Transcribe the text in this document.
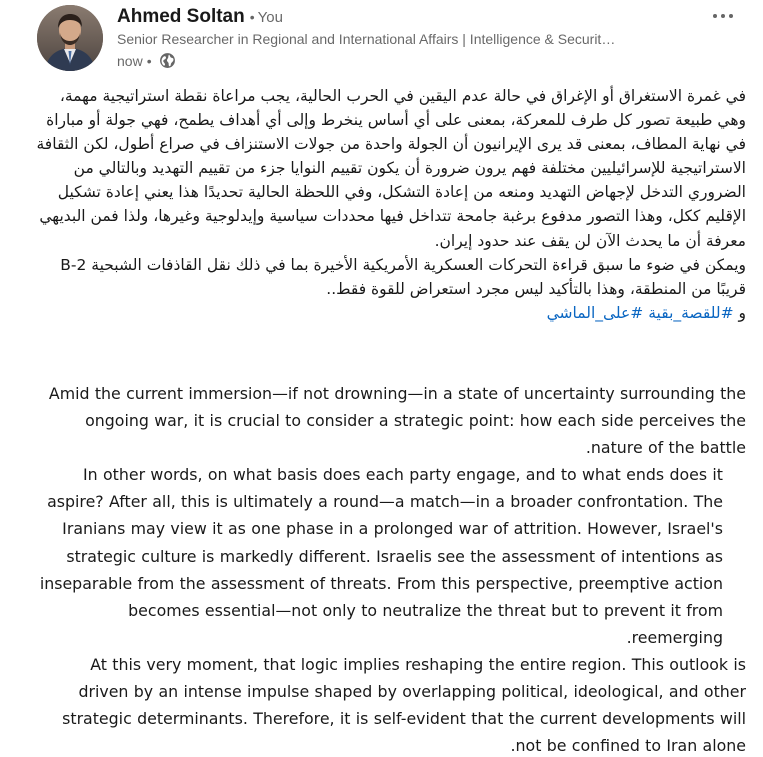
Ahmed Soltan • You
Senior Researcher in Regional and International Affairs | Intelligence & Securit…
now •

في غمرة الاستغراق أو الإغراق في حالة عدم اليقين في الحرب الحالية، يجب مراعاة نقطة استراتيجية مهمة، وهي طبيعة تصور كل طرف للمعركة، بمعنى على أي أساس ينخرط وإلى أي أهداف يطمح، فهي جولة أو مباراة في نهاية المطاف، بمعنى قد يرى الإيرانيون أن الجولة واحدة من جولات الاستنزاف في صراع أطول، لكن الثقافة الاستراتيجية للإسرائيليين مختلفة فهم يرون ضرورة أن يكون تقييم النوايا جزء من تقييم التهديد وبالتالي من الضروري التدخل لإجهاض التهديد ومنعه من إعادة التشكل، وفي اللحظة الحالية تحديدًا هذا يعني إعادة تشكيل الإقليم ككل، وهذا التصور مدفوع برغبة جامحة تتداخل فيها محددات سياسية وإيدلوجية وغيرها، ولذا فمن البديهي معرفة أن ما يحدث الآن لن يقف عند حدود إيران.

ويمكن في ضوء ما سبق قراءة التحركات العسكرية الأمريكية الأخيرة بما في ذلك نقل القاذفات الشبحية B-2 قريبًا من المنطقة، وهذا بالتأكيد ليس مجرد استعراض للقوة فقط..

و #للقصة_بقية #على_الماشي

Amid the current immersion—if not drowning—in a state of uncertainty surrounding the ongoing war, it is crucial to consider a strategic point: how each side perceives the nature of the battle.

In other words, on what basis does each party engage, and to what ends does it aspire? After all, this is ultimately a round—a match—in a broader confrontation. The Iranians may view it as one phase in a prolonged war of attrition. However, Israel's strategic culture is markedly different. Israelis see the assessment of intentions as inseparable from the assessment of threats. From this perspective, preemptive action becomes essential—not only to neutralize the threat but to prevent it from reemerging.

At this very moment, that logic implies reshaping the entire region. This outlook is driven by an intense impulse shaped by overlapping political, ideological, and other strategic determinants. Therefore, it is self-evident that the current developments will not be confined to Iran alone.
